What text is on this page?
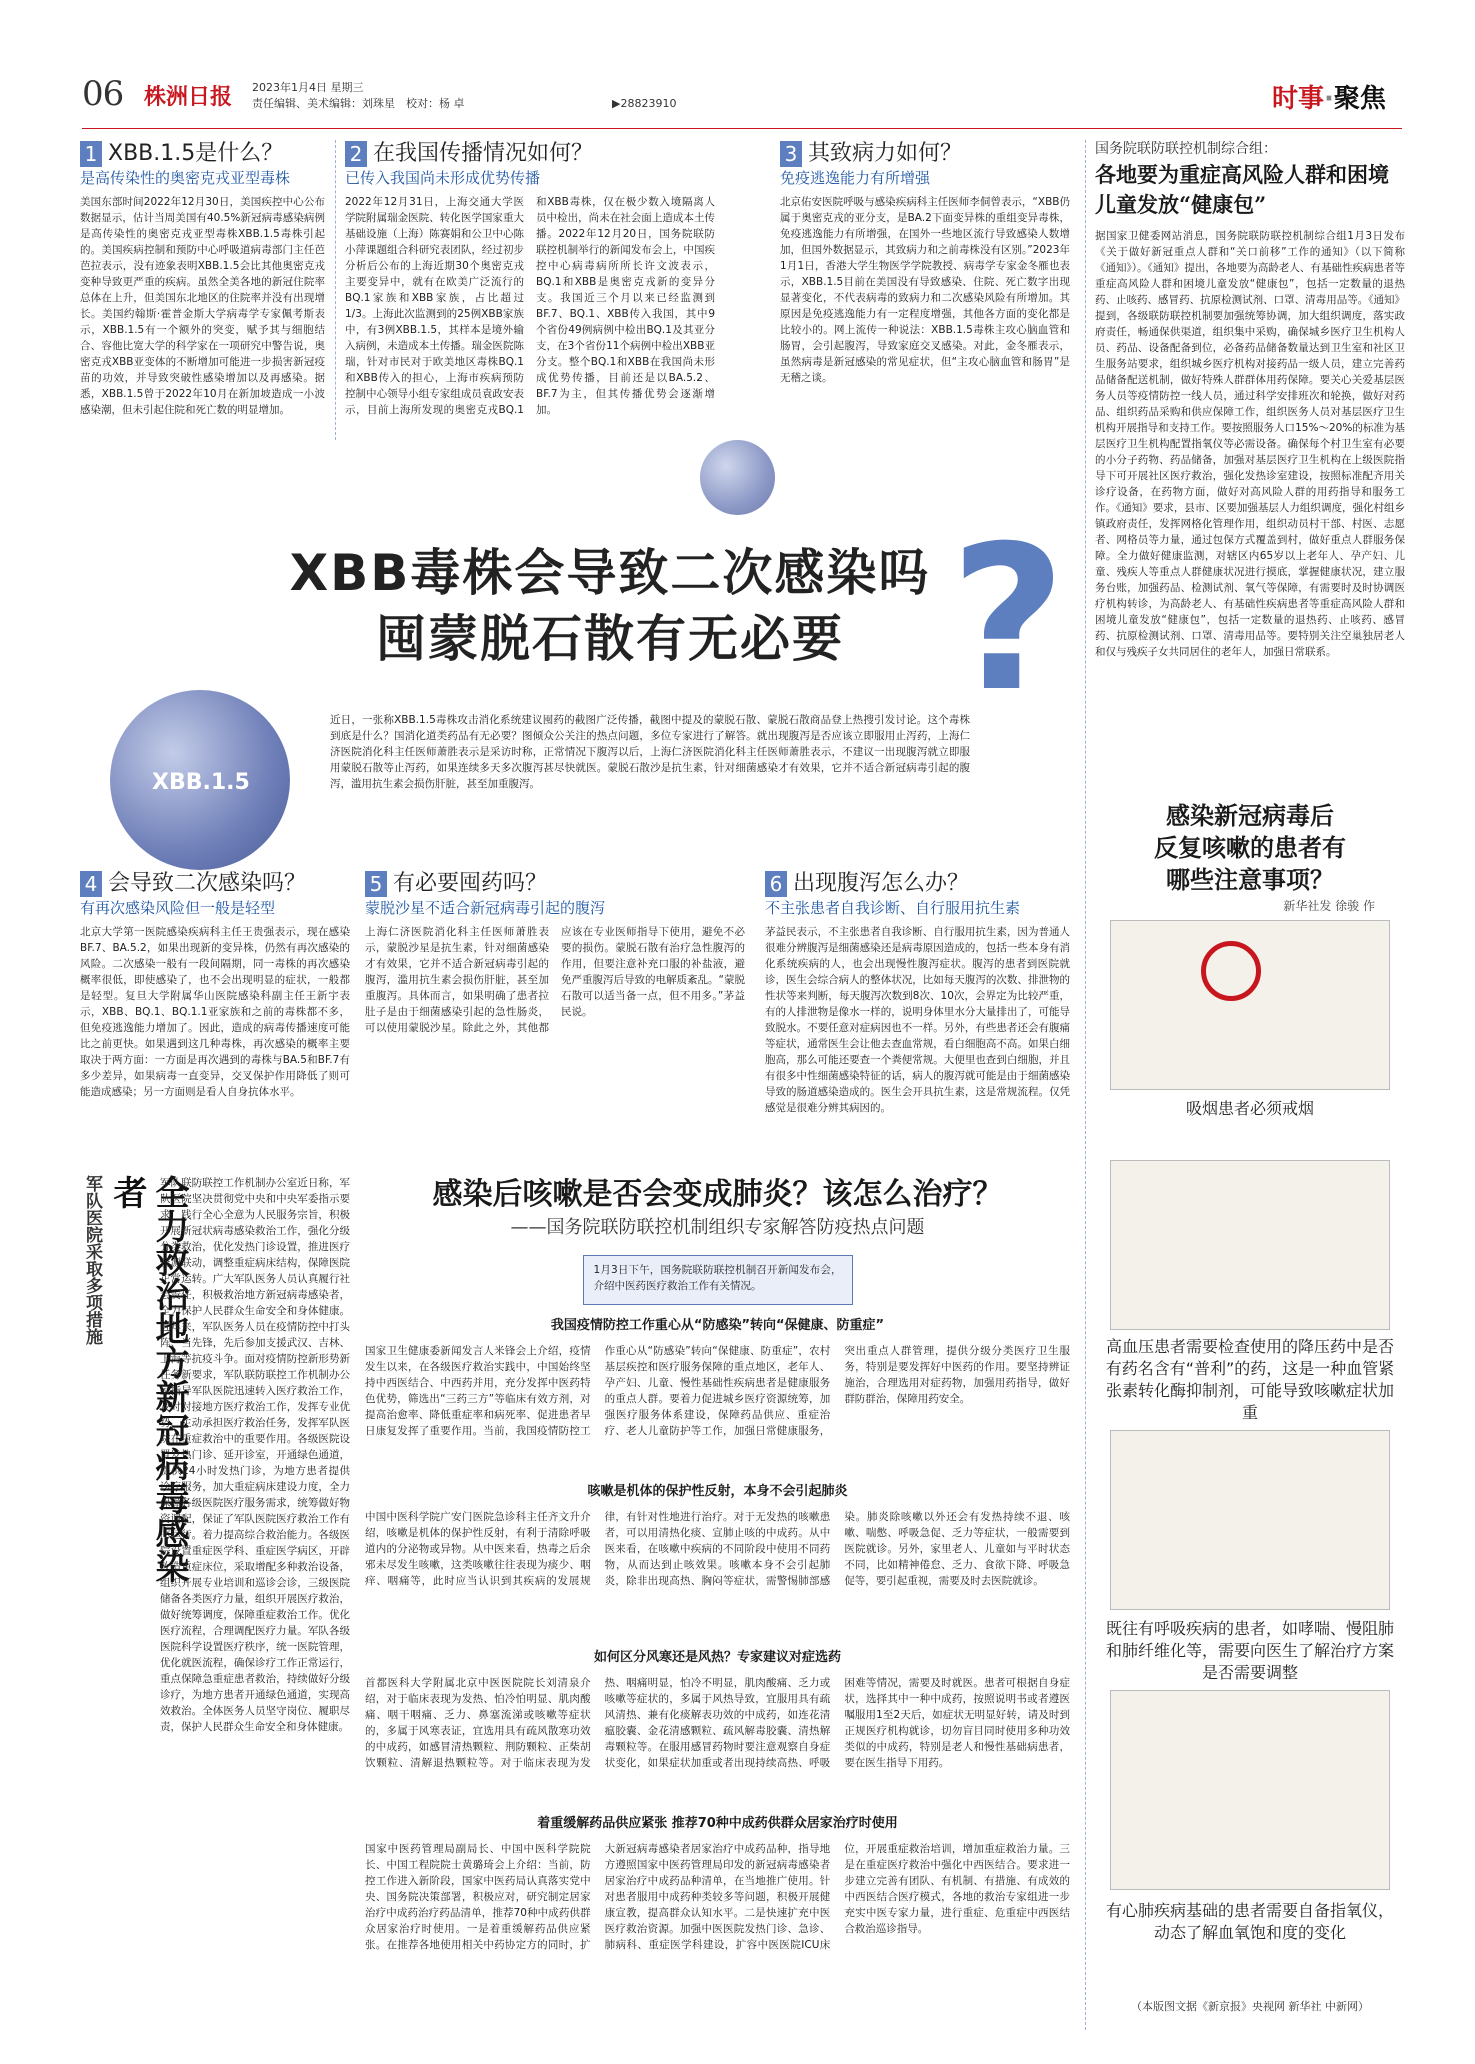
06 株洲日报 2023年1月4日 星期三
责任编辑、美术编辑：刘珠星　校对：杨 卓	▶28823910	时事·聚焦
1 XBB.1.5是什么？
是高传染性的奥密克戎亚型毒株
美国东部时间2022年12月30日，美国疾控中心公布数据显示，估计当周美国有40.5%新冠病毒感染病例是高传染性的奥密克戎亚型毒株XBB.1.5毒株引起的。美国疾病控制和预防中心呼吸道病毒部门主任芭芭拉表示，没有迹象表明XBB.1.5会比其他奥密克戎变种导致更严重的疾病。虽然全美各地的新冠住院率总体在上升，但美国东北地区的住院率并没有出现增长。美国约翰斯·霍普金斯大学病毒学专家佩考斯表示，XBB.1.5有一个额外的突变，赋予其与细胞结合、容他比宽大学的科学家在一项研究中警告说，奥密克戎XBB亚变体的不断增加可能进一步损害新冠疫苗的功效，并导致突破性感染增加以及再感染。据悉，XBB.1.5曾于2022年10月在新加坡造成一小波感染潮，但未引起住院和死亡数的明显增加。
2 在我国传播情况如何？
已传入我国尚未形成优势传播
2022年12月31日，上海交通大学医学院附属瑞金医院、转化医学国家重大基础设施（上海）陈赛娟和公卫中心陈小萍课题组合科研究表团队，经过初步分析后公布的上海近期30个奥密克戎主要变异中，就有在欧美广泛流行的BQ.1家族和XBB家族，占比超过1/3。上海此次监测到的25例XBB家族中，有3例XBB.1.5，其样本是境外输入病例，未造成本土传播。瑞金医院陈瑞，针对市民对于欧美地区毒株BQ.1和XBB传入的担心，上海市疾病预防控制中心领导小组专家组成员袁政安表示，目前上海所发现的奥密克戎BQ.1和XBB毒株，仅在极少数入境隔离人员中检出，尚未在社会面上造成本土传播。2022年12月20日，国务院联防联控机制举行的新闻发布会上，中国疾控中心病毒病所所长许文波表示，BQ.1和XBB是奥密克戎新的变异分支。我国近三个月以来已经监测到BF.7、BQ.1、XBB传入我国，其中9个省份49例病例中检出BQ.1及其亚分支，在3个省份11个病例中检出XBB亚分支。整个BQ.1和XBB在我国尚未形成优势传播，目前还是以BA.5.2、BF.7为主，但其传播优势会逐渐增加。
3 其致病力如何？
免疫逃逸能力有所增强
北京佑安医院呼吸与感染疾病科主任医师李侗曾表示，“XBB仍属于奥密克戎的亚分支，是BA.2下面变异株的重组变异毒株，免疫逃逸能力有所增强，在国外一些地区流行导致感染人数增加，但国外数据显示，其致病力和之前毒株没有区别。”2023年1月1日，香港大学生物医学学院教授、病毒学专家金冬雁也表示，XBB.1.5目前在美国没有导致感染、住院、死亡数字出现显著变化，不代表病毒的致病力和二次感染风险有所增加。其原因是免疫逃逸能力有一定程度增强，其他各方面的变化都是比较小的。网上流传一种说法：XBB.1.5毒株主攻心脑血管和肠胃，会引起腹泻，导致家庭交叉感染。对此，金冬雁表示，虽然病毒是新冠感染的常见症状，但“主攻心脑血管和肠胃”是无稽之谈。
XBB.1.5
XBB毒株会导致二次感染吗
囤蒙脱石散有无必要 ?
近日，一张称XBB.1.5毒株攻击消化系统建议囤药的截图广泛传播，截图中提及的蒙脱石散、蒙脱石散商品登上热搜引发讨论。这个毒株到底是什么？国消化道类药品有无必要？图倾众公关注的热点问题，多位专家进行了解答。就出现腹泻是否应该立即服用止泻药，上海仁济医院消化科主任医师萧胜表示是采访时称，正常情况下腹泻以后，上海仁济医院消化科主任医师萧胜表示，不建议一出现腹泻就立即服用蒙脱石散等止泻药，如果连续多天多次腹泻甚尽快就医。蒙脱石散沙是抗生素，针对细菌感染才有效果，它并不适合新冠病毒引起的腹泻，滥用抗生素会损伤肝脏，甚至加重腹泻。
4 会导致二次感染吗？
有再次感染风险但一般是轻型
北京大学第一医院感染疾病科主任王贵强表示，现在感染BF.7、BA.5.2，如果出现新的变异株，仍然有再次感染的风险。二次感染一般有一段间隔期，同一毒株的再次感染概率很低，即使感染了，也不会出现明显的症状，一般都是轻型。复旦大学附属华山医院感染科副主任王新宇表示，XBB、BQ.1、BQ.1.1亚家族和之前的毒株都不多，但免疫逃逸能力增加了。因此，造成的病毒传播速度可能比之前更快。如果遇到这几种毒株，再次感染的概率主要取决于两方面：一方面是再次遇到的毒株与BA.5和BF.7有多少差异，如果病毒一直变异，交叉保护作用降低了则可能造成感染；另一方面则是看人自身抗体水平。
5 有必要囤药吗？
蒙脱沙星不适合新冠病毒引起的腹泻
上海仁济医院消化科主任医师萧胜表示，蒙脱沙星是抗生素，针对细菌感染才有效果，它并不适合新冠病毒引起的腹泻，滥用抗生素会损伤肝脏，甚至加重腹泻。具体而言，如果明确了患者拉肚子是由于细菌感染引起的急性肠炎，可以使用蒙脱沙星。除此之外，其他都应该在专业医师指导下使用，避免不必要的损伤。蒙脱石散有治疗急性腹泻的作用，但要注意补充口服的补盐液，避免严重腹泻后导致的电解质紊乱。“蒙脱石散可以适当备一点，但不用多。”茅益民说。
6 出现腹泻怎么办？
不主张患者自我诊断、自行服用抗生素
茅益民表示，不主张患者自我诊断、自行服用抗生素，因为普通人很难分辨腹泻是细菌感染还是病毒原因造成的，包括一些本身有消化系统疾病的人，也会出现慢性腹泻症状。腹泻的患者到医院就诊，医生会综合病人的整体状况，比如每天腹泻的次数、排泄物的性状等来判断，每天腹泻次数到8次、10次，会界定为比较严重，有的人排泄物是像水一样的，说明身体里水分大量排出了，可能导致脱水。不要任意对症病因也不一样。另外，有些患者还会有腹痛等症状，通常医生会让他去查血常规，看白细胞高不高。如果白细胞高，那么可能还要查一个粪便常规。大便里也查到白细胞，并且有很多中性细菌感染特征的话，病人的腹泻就可能是由于细菌感染导致的肠道感染造成的。医生会开具抗生素，这是常规流程。仅凭感觉是很难分辨其病因的。
军队医院采取多项措施	全力救治地方新冠病毒感染者	军队联防联控工作机制办公室近日称，军队医院坚决贯彻党中央和中央军委指示要求，践行全心全意为人民服务宗旨，积极开展新冠状病毒感染救治工作，强化分级分类救治，优化发热门诊设置，推进医疗资源联动，调整重症病床结构，保障医院正常运转。广大军队医务人员认真履行社会责任，积极救治地方新冠病毒感染者，全力保护人民群众生命安全和身体健康。近年来，军队医务人员在疫情防控中打头阵、当先锋，先后参加支援武汉、吉林、上海等抗疫斗争。面对疫情防控新形势新任务新要求，军队联防联控工作机制办公室指导军队医院迅速转入医疗救治工作，及时对接地方医疗救治工作，发挥专业优势，主动承担医疗救治任务，发挥军队医院在重症救治中的重要作用。各级医院设置发热门诊、延开诊室，开通绿色通道，提供24小时发热门诊，为地方患者提供诊疗服务，加大重症病床建设力度，全力保障各级医院医疗服务需求，统筹做好物资调配，保证了军队医院医疗救治工作有序运行。着力提高综合救治能力。各级医院设置重症医学科、重症医学病区，开辟改造重症床位，采取增配多种救治设备，组织开展专业培训和巡诊会诊，三级医院储备各类医疗力量，组织开展医疗救治，做好统筹调度，保障重症救治工作。优化医疗流程，合理调配医疗力量。军队各级医院科学设置医疗秩序，统一医院管理，优化就医流程，确保诊疗工作正常运行，重点保障急重症患者救治，持续做好分级诊疗，为地方患者开通绿色通道，实现高效救治。全体医务人员坚守岗位、履职尽责，保护人民群众生命安全和身体健康。
感染后咳嗽是否会变成肺炎？该怎么治疗？
——国务院联防联控机制组织专家解答防疫热点问题
1月3日下午，国务院联防联控机制召开新闻发布会，介绍中医药医疗救治工作有关情况。
我国疫情防控工作重心从“防感染”转向“保健康、防重症”
国家卫生健康委新闻发言人米锋会上介绍，疫情发生以来，在各级医疗救治实践中，中国始终坚持中西医结合、中西药并用，充分发挥中医药特色优势，筛选出“三药三方”等临床有效方剂，对提高治愈率、降低重症率和病死率、促进患者早日康复发挥了重要作用。当前，我国疫情防控工作重心从“防感染”转向“保健康、防重症”，农村基层疾控和医疗服务保障的重点地区，老年人、孕产妇、儿童、慢性基础性疾病患者是健康服务的重点人群。要着力促进城乡医疗资源统筹，加强医疗服务体系建设，保障药品供应、重症治疗、老人儿童防护等工作，加强日常健康服务，突出重点人群管理，提供分级分类医疗卫生服务，特别是要发挥好中医药的作用。要坚持辨证施治，合理选用对症药物，加强用药指导，做好群防群治，保障用药安全。
咳嗽是机体的保护性反射，本身不会引起肺炎
中国中医科学院广安门医院急诊科主任齐文升介绍，咳嗽是机体的保护性反射，有利于清除呼吸道内的分泌物或异物。从中医来看，热毒之后余邪未尽发生咳嗽，这类咳嗽往往表现为痰少、咽痒、咽痛等，此时应当认识到其疾病的发展规律，有针对性地进行治疗。对于无发热的咳嗽患者，可以用清热化痰、宣肺止咳的中成药。从中医来看，在咳嗽中疾病的不同阶段中使用不同药物，从而达到止咳效果。咳嗽本身不会引起肺炎，除非出现高热、胸闷等症状，需警惕肺部感染。肺炎除咳嗽以外还会有发热持续不退、咳嗽、喘憋、呼吸急促、乏力等症状，一般需要到医院就诊。另外，家里老人、儿童如与平时状态不同，比如精神倦怠、乏力、食欲下降、呼吸急促等，要引起重视，需要及时去医院就诊。
如何区分风寒还是风热？专家建议对症选药
首都医科大学附属北京中医医院院长刘清泉介绍，对于临床表现为发热、怕冷怕明显、肌肉酸痛、咽干咽痛、乏力、鼻塞流涕或咳嗽等症状的，多属于风寒表证，宜选用具有疏风散寒功效的中成药，如感冒清热颗粒、荆防颗粒、正柴胡饮颗粒、清解退热颗粒等。对于临床表现为发热、咽痛明显，怕冷不明显，肌肉酸痛、乏力或咳嗽等症状的，多属于风热导致，宜服用具有疏风清热、兼有化痰解表功效的中成药，如连花清瘟胶囊、金花清感颗粒、疏风解毒胶囊、清热解毒颗粒等。在服用感冒药物时要注意观察自身症状变化，如果症状加重或者出现持续高热、呼吸困难等情况，需要及时就医。患者可根据自身症状，选择其中一种中成药，按照说明书或者遵医嘱服用1至2天后，如症状无明显好转，请及时到正规医疗机构就诊，切勿盲目同时使用多种功效类似的中成药，特别是老人和慢性基础病患者，要在医生指导下用药。
着重缓解药品供应紧张 推荐70种中成药供群众居家治疗时使用
国家中医药管理局副局长、中国中医科学院院长、中国工程院院士黄璐琦会上介绍：当前，防控工作进入新阶段，国家中医药局认真落实党中央、国务院决策部署，积极应对，研究制定居家治疗中成药治疗药品清单，推荐70种中成药供群众居家治疗时使用。一是着重缓解药品供应紧张。在推荐各地使用相关中药协定方的同时，扩大新冠病毒感染者居家治疗中成药品种，指导地方遵照国家中医药管理局印发的新冠病毒感染者居家治疗中成药品种清单，在当地推广使用。针对患者服用中成药种类较多等问题，积极开展健康宣教，提高群众认知水平。二是快速扩充中医医疗救治资源。加强中医医院发热门诊、急诊、肺病科、重症医学科建设，扩容中医医院ICU床位，开展重症救治培训，增加重症救治力量。三是在重症医疗救治中强化中西医结合。要求进一步建立完善有团队、有机制、有措施、有成效的中西医结合医疗模式，各地的救治专家组进一步充实中医专家力量，进行重症、危重症中西医结合救治巡诊指导。
国务院联防联控机制综合组：
各地要为重症高风险人群和困境儿童发放“健康包”
据国家卫健委网站消息，国务院联防联控机制综合组1月3日发布《关于做好新冠重点人群和“关口前移”工作的通知》（以下简称《通知》）。《通知》提出，各地要为高龄老人、有基础性疾病患者等重症高风险人群和困境儿童发放“健康包”，包括一定数量的退热药、止咳药、感冒药、抗原检测试剂、口罩、清毒用品等。《通知》提到，各级联防联控机制要加强统筹协调，加大组织调度，落实政府责任，畅通保供渠道，组织集中采购，确保城乡医疗卫生机构人员、药品、设备配备到位，必备药品储备数量达到卫生室和社区卫生服务站要求，组织城乡医疗机构对接药品一级人员，建立完善药品储备配送机制，做好特殊人群群体用药保障。要关心关爱基层医务人员等疫情防控一线人员，通过科学安排班次和轮换，做好对药品、组织药品采购和供应保障工作，组织医务人员对基层医疗卫生机构开展指导和支持工作。要按照服务人口15%～20%的标准为基层医疗卫生机构配置指氧仪等必需设备。确保每个村卫生室有必要的小分子药物、药品储备，加强对基层医疗卫生机构在上级医院指导下可开展社区医疗救治，强化发热诊室建设，按照标准配齐用关诊疗设备，在药物方面，做好对高风险人群的用药指导和服务工作。《通知》要求，县市、区要加强基层人力组织调度，强化村组乡镇政府责任，发挥网格化管理作用，组织动员村干部、村医、志愿者、网格员等力量，通过包保方式覆盖到村，做好重点人群服务保障。全力做好健康监测，对辖区内65岁以上老年人、孕产妇、儿童、残疾人等重点人群健康状况进行摸底，掌握健康状况，建立服务台账，加强药品、检测试剂、氧气等保障，有需要时及时协调医疗机构转诊，为高龄老人、有基础性疾病患者等重症高风险人群和困境儿童发放“健康包”，包括一定数量的退热药、止咳药、感冒药、抗原检测试剂、口罩、清毒用品等。要特别关注空巢独居老人和仅与残疾子女共同居住的老年人，加强日常联系。
感染新冠病毒后
反复咳嗽的患者有
哪些注意事项？
新华社发 徐骏 作
吸烟患者必须戒烟
高血压患者需要检查使用的降压药中是否有药名含有“普利”的药，这是一种血管紧张素转化酶抑制剂，可能导致咳嗽症状加重
既往有呼吸疾病的患者，如哮喘、慢阻肺和肺纤维化等，需要向医生了解治疗方案是否需要调整
有心肺疾病基础的患者需要自备指氧仪，动态了解血氧饱和度的变化
（本版图文据《新京报》央视网 新华社 中新网）
